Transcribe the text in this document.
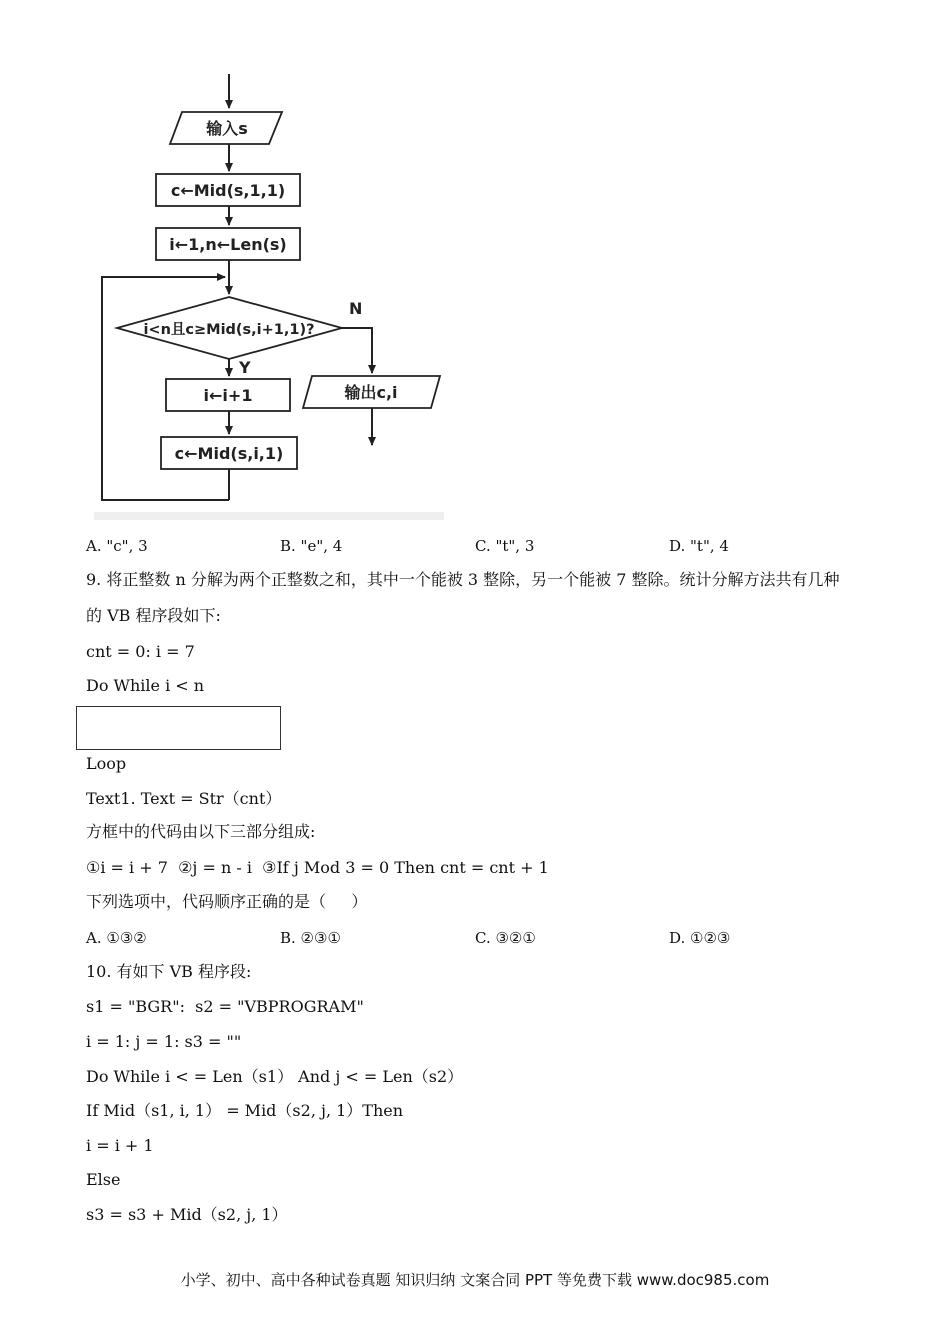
输入s
c←Mid(s,1,1)
i←1,n←Len(s)
i<n且c≥Mid(s,i+1,1)?
N
输出c,i
Y
i←i+1
c←Mid(s,i,1)
A. "c", 3	B. "e", 4	C. "t", 3	D. "t", 4
9. 将正整数 n 分解为两个正整数之和，其中一个能被 3 整除，另一个能被 7 整除。统计分解方法共有几种
的 VB 程序段如下:
cnt = 0: i = 7
Do While i < n
Loop
Text1. Text = Str（cnt）
方框中的代码由以下三部分组成:
①i = i + 7  ②j = n - i  ③If j Mod 3 = 0 Then cnt = cnt + 1
下列选项中，代码顺序正确的是（     ）
A. ①③②	B. ②③①	C. ③②①	D. ①②③
10. 有如下 VB 程序段:
s1 = "BGR":  s2 = "VBPROGRAM"
i = 1: j = 1: s3 = ""
Do While i < = Len（s1） And j < = Len（s2）
If Mid（s1, i, 1） = Mid（s2, j, 1）Then
i = i + 1
Else
s3 = s3 + Mid（s2, j, 1）
小学、初中、高中各种试卷真题 知识归纳 文案合同 PPT 等免费下载 www.doc985.com
